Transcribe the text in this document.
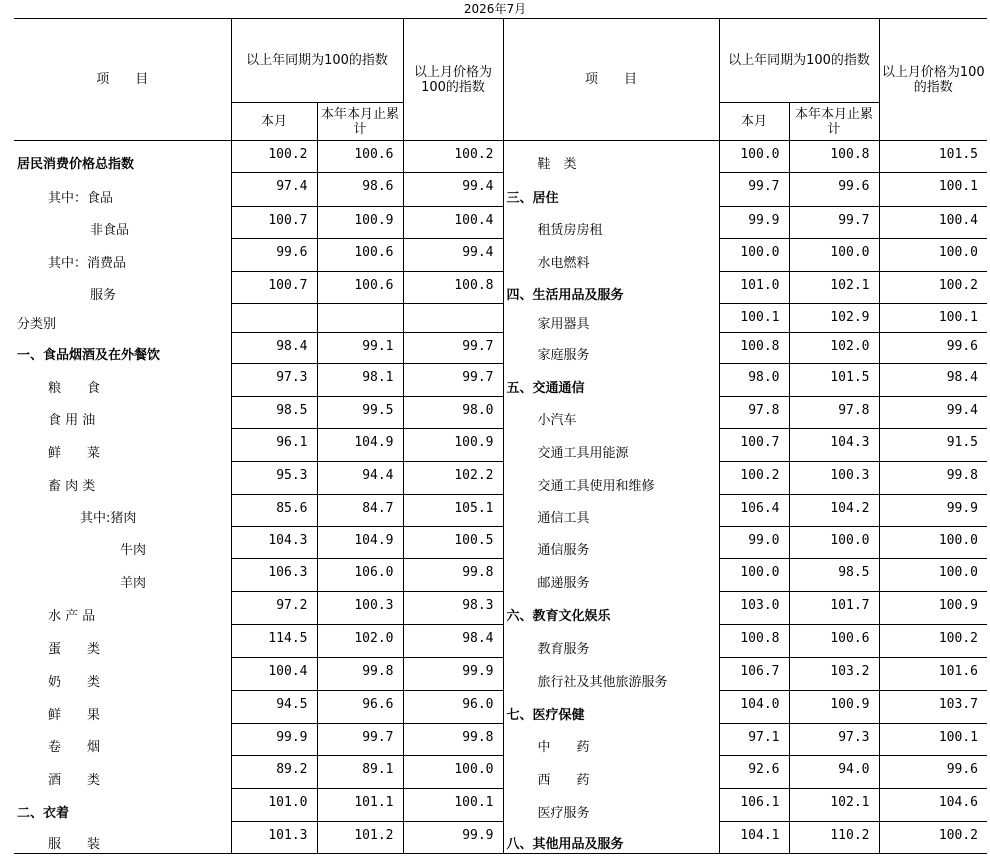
2026年7月
项　　目	以上年同期为100的指数		以上月价格为100的指数	项　　目	以上年同期为100的指数		以上月价格为100的指数
	本月	本年本月止累计			本月	本年本月止累计	
居民消费价格总指数	100.2	100.6	100.2	鞋　类	100.0	100.8	101.5
其中：食品	97.4	98.6	99.4	三、居住	99.7	99.6	100.1
非食品	100.7	100.9	100.4	租赁房房租	99.9	99.7	100.4
其中：消费品	99.6	100.6	99.4	水电燃料	100.0	100.0	100.0
服务	100.7	100.6	100.8	四、生活用品及服务	101.0	102.1	100.2
分类别				家用器具	100.1	102.9	100.1
一、食品烟酒及在外餐饮	98.4	99.1	99.7	家庭服务	100.8	102.0	99.6
粮　　食	97.3	98.1	99.7	五、交通通信	98.0	101.5	98.4
食 用 油	98.5	99.5	98.0	小汽车	97.8	97.8	99.4
鲜　　菜	96.1	104.9	100.9	交通工具用能源	100.7	104.3	91.5
畜 肉 类	95.3	94.4	102.2	交通工具使用和维修	100.2	100.3	99.8
其中:猪肉	85.6	84.7	105.1	通信工具	106.4	104.2	99.9
牛肉	104.3	104.9	100.5	通信服务	99.0	100.0	100.0
羊肉	106.3	106.0	99.8	邮递服务	100.0	98.5	100.0
水 产 品	97.2	100.3	98.3	六、教育文化娱乐	103.0	101.7	100.9
蛋　　类	114.5	102.0	98.4	教育服务	100.8	100.6	100.2
奶　　类	100.4	99.8	99.9	旅行社及其他旅游服务	106.7	103.2	101.6
鲜　　果	94.5	96.6	96.0	七、医疗保健	104.0	100.9	103.7
卷　　烟	99.9	99.7	99.8	中　　药	97.1	97.3	100.1
酒　　类	89.2	89.1	100.0	西　　药	92.6	94.0	99.6
二、衣着	101.0	101.1	100.1	医疗服务	106.1	102.1	104.6
服　　装	101.3	101.2	99.9	八、其他用品及服务	104.1	110.2	100.2
